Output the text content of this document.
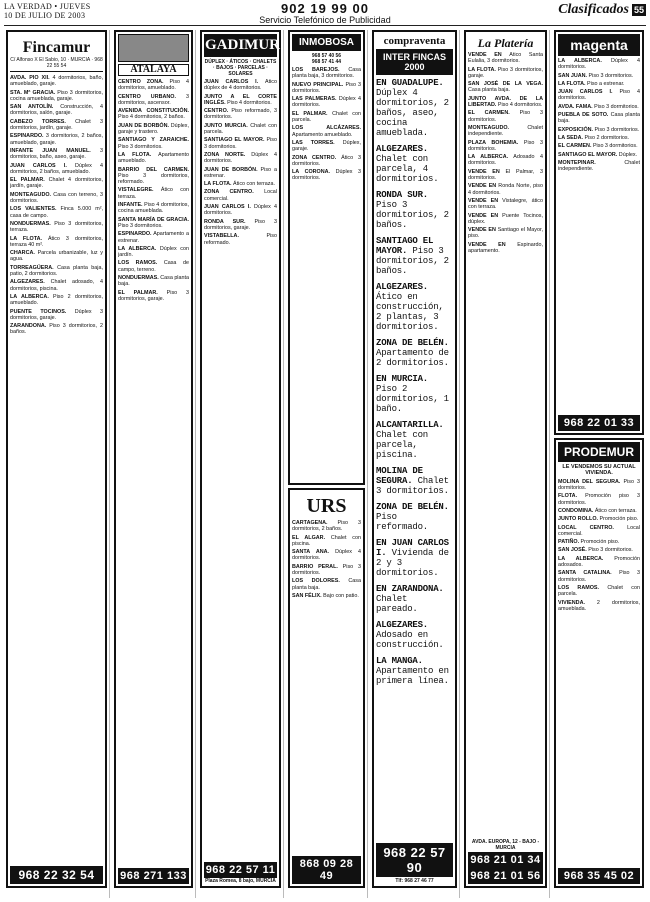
LA VERDAD • JUEVES
10 DE JULIO DE 2003	902 19 99 00
Servicio Telefónico de Publicidad
Clasificados 55
Fincamur
C/ Alfonso X El Sabio, 10 · MURCIA · 968 22 55 54
AVDA. PIO XII. 4 dormitorios, baño, amueblado, garaje.
STA. Mª GRACIA. Piso 3 dormitorios, cocina amueblada, garaje.
SAN ANTOLÍN. Construcción, 4 dormitorios, salón, garaje.
CABEZO TORRES. Chalet 3 dormitorios, jardín, garaje.
ESPINARDO. 3 dormitorios, 2 baños, amueblado, garaje.
INFANTE JUAN MANUEL. 3 dormitorios, baño, aseo, garaje.
JUAN CARLOS I. Dúplex 4 dormitorios, 2 baños, amueblado.
EL PALMAR. Chalet 4 dormitorios, jardín, garaje.
MONTEAGUDO. Casa con terreno, 3 dormitorios.
LOS VALIENTES. Finca 5.000 m², casa de campo.
NONDUERMAS. Piso 3 dormitorios, terraza.
LA FLOTA. Ático 3 dormitorios, terraza 40 m².
CHARCA. Parcela urbanizable, luz y agua.
TORREAGÜERA. Casa planta baja, patio, 2 dormitorios.
ALGEZARES. Chalet adosado, 4 dormitorios, piscina.
LA ALBERCA. Piso 2 dormitorios, amueblado.
PUENTE TOCINOS. Dúplex 3 dormitorios, garaje.
ZARANDONA. Piso 3 dormitorios, 2 baños.
968 22 32 54
ATALAYA
CENTRO ZONA. Piso 4 dormitorios, amueblado.
CENTRO URBANO. 3 dormitorios, ascensor.
AVENIDA CONSTITUCIÓN. Piso 4 dormitorios, 2 baños.
JUAN DE BORBÓN. Dúplex, garaje y trastero.
SANTIAGO Y ZARAICHE. Piso 3 dormitorios.
LA FLOTA. Apartamento amueblado.
BARRIO DEL CARMEN. Piso 3 dormitorios, reformado.
VISTALEGRE. Ático con terraza.
INFANTE. Piso 4 dormitorios, cocina amueblada.
SANTA MARÍA DE GRACIA. Piso 3 dormitorios.
ESPINARDO. Apartamento a estrenar.
LA ALBERCA. Dúplex con jardín.
LOS RAMOS. Casa de campo, terreno.
NONDUERMAS. Casa planta baja.
EL PALMAR. Piso 3 dormitorios, garaje.
968 271 133
GADIMUR
DÚPLEX · ÁTICOS · CHALETS · BAJOS · PARCELAS · SOLARES
JUAN CARLOS I. Ático dúplex de 4 dormitorios.
JUNTO A EL CORTE INGLÉS. Piso 4 dormitorios.
CENTRO. Piso reformado, 3 dormitorios.
JUNTO MURCIA. Chalet con parcela.
SANTIAGO EL MAYOR. Piso 3 dormitorios.
ZONA NORTE. Dúplex 4 dormitorios.
JUAN DE BORBÓN. Piso a estrenar.
LA FLOTA. Ático con terraza.
ZONA CENTRO. Local comercial.
JUAN CARLOS I. Dúplex 4 dormitorios.
RONDA SUR. Piso 3 dormitorios, garaje.
VISTABELLA. Piso reformado.
968 22 57 11
Plaza Romea, 8 bajo, MURCIA
INMOBOSA
968 57 40 56
968 57 41 44
LOS BAREJOS. Casa planta baja, 3 dormitorios.
NUEVO PRINCIPAL. Piso 3 dormitorios.
LAS PALMERAS. Dúplex 4 dormitorios.
EL PALMAR. Chalet con parcela.
LOS ALCÁZARES. Apartamento amueblado.
LAS TORRES. Dúplex, garaje.
ZONA CENTRO. Ático 3 dormitorios.
LA CORONA. Dúplex 3 dormitorios.
URS
CARTAGENA. Piso 3 dormitorios, 2 baños.
EL ALGAR. Chalet con piscina.
SANTA ANA. Dúplex 4 dormitorios.
BARRIO PERAL. Piso 3 dormitorios.
LOS DOLORES. Casa planta baja.
SAN FÉLIX. Bajo con patio.
868 09 28 49
compraventa
INTER FINCAS 2000
EN GUADALUPE. Dúplex 4 dormitorios, 2 baños, aseo, cocina amueblada.
ALGEZARES. Chalet con parcela, 4 dormitorios.
RONDA SUR. Piso 3 dormitorios, 2 baños.
SANTIAGO EL MAYOR. Piso 3 dormitorios, 2 baños.
ALGEZARES. Ático en construcción, 2 plantas, 3 dormitorios.
ZONA DE BELÉN. Apartamento de 2 dormitorios.
EN MURCIA. Piso 2 dormitorios, 1 baño.
ALCANTARILLA. Chalet con parcela, piscina.
MOLINA DE SEGURA. Chalet 3 dormitorios.
ZONA DE BELÉN. Piso reformado.
EN JUAN CARLOS I. Vivienda de 2 y 3 dormitorios.
EN ZARANDONA. Chalet pareado.
ALGEZARES. Adosado en construcción.
LA MANGA. Apartamento en primera línea.
968 22 57 90
Tlf: 968 27 46 77
La Platería
VENDE EN Ático Santa Eulalia, 3 dormitorios.
LA FLOTA. Piso 3 dormitorios, garaje.
SAN JOSÉ DE LA VEGA. Casa planta baja.
JUNTO AVDA. DE LA LIBERTAD. Piso 4 dormitorios.
EL CARMEN. Piso 3 dormitorios.
MONTEAGUDO. Chalet independiente.
PLAZA BOHEMIA. Piso 3 dormitorios.
LA ALBERCA. Adosado 4 dormitorios.
VENDE EN El Palmar, 3 dormitorios.
VENDE EN Ronda Norte, piso 4 dormitorios.
VENDE EN Vistalegre, ático con terraza.
VENDE EN Puente Tocinos, dúplex.
VENDE EN Santiago el Mayor, piso.
VENDE EN Espinardo, apartamento.
AVDA. EUROPA, 12 - BAJO - MURCIA
968 21 01 34
968 21 01 56
magenta
LA ALBERCA. Dúplex 4 dormitorios.
SAN JUAN. Piso 3 dormitorios.
LA FLOTA. Piso a estrenar.
JUAN CARLOS I. Piso 4 dormitorios.
AVDA. FAMA. Piso 3 dormitorios.
PUEBLA DE SOTO. Casa planta baja.
EXPOSICIÓN. Piso 3 dormitorios.
LA SEDA. Piso 2 dormitorios.
EL CARMEN. Piso 3 dormitorios.
SANTIAGO EL MAYOR. Dúplex.
MONTEPINAR. Chalet independiente.
968 22 01 33
PRODEMUR
LE VENDEMOS SU ACTUAL VIVIENDA.
MOLINA DEL SEGURA. Piso 3 dormitorios.
FLOTA. Promoción piso 3 dormitorios.
CONDOMINA. Ático con terraza.
JUNTO ROLLO. Promoción piso.
LOCAL CENTRO. Local comercial.
PATIÑO. Promoción piso.
SAN JOSÉ. Piso 3 dormitorios.
LA ALBERCA. Promoción adosados.
SANTA CATALINA. Piso 3 dormitorios.
LOS RAMOS. Chalet con parcela.
VIVIENDA. 2 dormitorios, amueblada.
968 35 45 02
